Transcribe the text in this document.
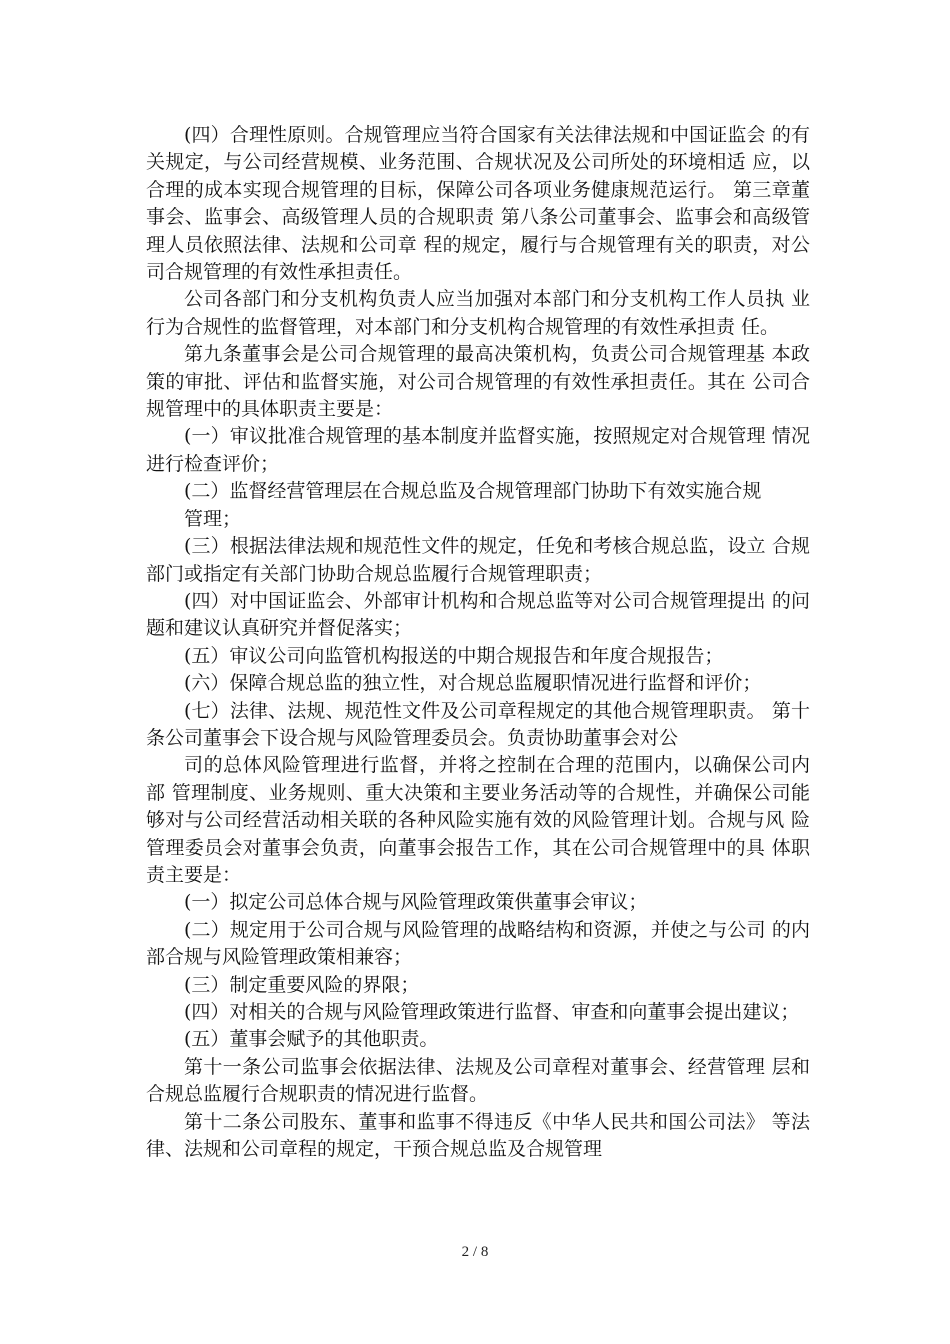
(四）合理性原则。合规管理应当符合国家有关法律法规和中国证监会 的有关规定，与公司经营规模、业务范围、合规状况及公司所处的环境相适 应，以合理的成本实现合规管理的目标，保障公司各项业务健康规范运行。 第三章董事会、监事会、高级管理人员的合规职责 第八条公司董事会、监事会和高级管理人员依照法律、法规和公司章 程的规定，履行与合规管理有关的职责，对公司合规管理的有效性承担责任。

公司各部门和分支机构负责人应当加强对本部门和分支机构工作人员执 业行为合规性的监督管理，对本部门和分支机构合规管理的有效性承担责 任。

第九条董事会是公司合规管理的最高决策机构，负责公司合规管理基 本政策的审批、评估和监督实施，对公司合规管理的有效性承担责任。其在 公司合规管理中的具体职责主要是：

(一）审议批准合规管理的基本制度并监督实施，按照规定对合规管理 情况进行检查评价；

(二）监督经营管理层在合规总监及合规管理部门协助下有效实施合规

管理；

(三）根据法律法规和规范性文件的规定，任免和考核合规总监，设立 合规部门或指定有关部门协助合规总监履行合规管理职责；

(四）对中国证监会、外部审计机构和合规总监等对公司合规管理提出 的问题和建议认真研究并督促落实；

(五）审议公司向监管机构报送的中期合规报告和年度合规报告；

(六）保障合规总监的独立性，对合规总监履职情况进行监督和评价；

(七）法律、法规、规范性文件及公司章程规定的其他合规管理职责。 第十条公司董事会下设合规与风险管理委员会。负责协助董事会对公

司的总体风险管理进行监督，并将之控制在合理的范围内，以确保公司内部 管理制度、业务规则、重大决策和主要业务活动等的合规性，并确保公司能 够对与公司经营活动相关联的各种风险实施有效的风险管理计划。合规与风 险管理委员会对董事会负责，向董事会报告工作，其在公司合规管理中的具 体职责主要是：

(一）拟定公司总体合规与风险管理政策供董事会审议；

(二）规定用于公司合规与风险管理的战略结构和资源，并使之与公司 的内部合规与风险管理政策相兼容；

(三）制定重要风险的界限；

(四）对相关的合规与风险管理政策进行监督、审查和向董事会提出建议；

(五）董事会赋予的其他职责。

第十一条公司监事会依据法律、法规及公司章程对董事会、经营管理 层和合规总监履行合规职责的情况进行监督。

第十二条公司股东、董事和监事不得违反《中华人民共和国公司法》 等法律、法规和公司章程的规定，干预合规总监及合规管理

2 / 8
